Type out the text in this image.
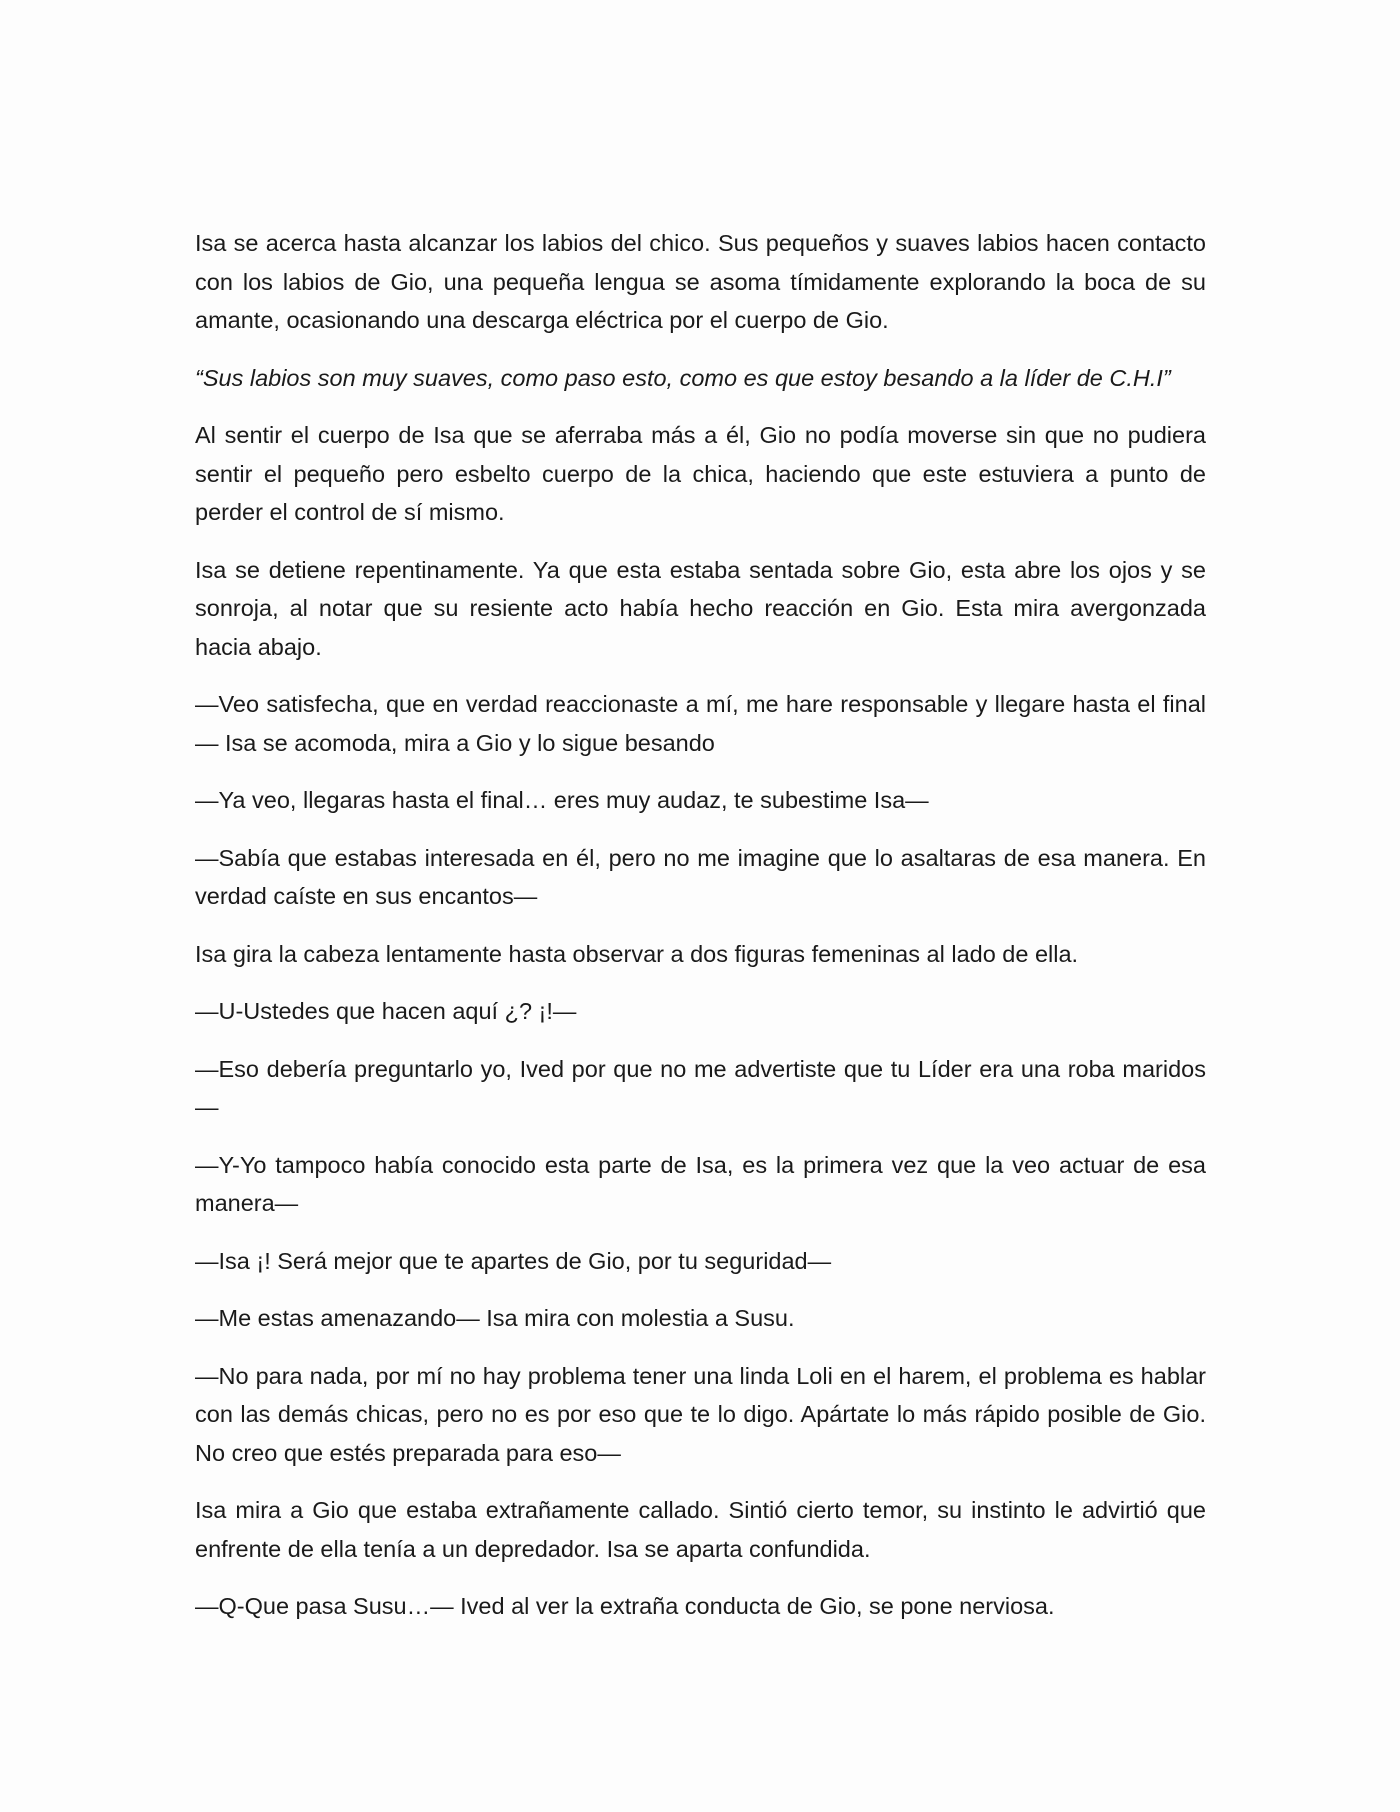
Isa se acerca hasta alcanzar los labios del chico. Sus pequeños y suaves labios hacen contacto con los labios de Gio, una pequeña lengua se asoma tímidamente explorando la boca de su amante, ocasionando una descarga eléctrica por el cuerpo de Gio.

“Sus labios son muy suaves, como paso esto, como es que estoy besando a la líder de C.H.I”

Al sentir el cuerpo de Isa que se aferraba más a él, Gio no podía moverse sin que no pudiera sentir el pequeño pero esbelto cuerpo de la chica, haciendo que este estuviera a punto de perder el control de sí mismo.

Isa se detiene repentinamente. Ya que esta estaba sentada sobre Gio, esta abre los ojos y se sonroja, al notar que su resiente acto había hecho reacción en Gio. Esta mira avergonzada hacia abajo.

—Veo satisfecha, que en verdad reaccionaste a mí, me hare responsable y llegare hasta el final— Isa se acomoda, mira a Gio y lo sigue besando

—Ya veo, llegaras hasta el final… eres muy audaz, te subestime Isa—

—Sabía que estabas interesada en él, pero no me imagine que lo asaltaras de esa manera. En verdad caíste en sus encantos—

Isa gira la cabeza lentamente hasta observar a dos figuras femeninas al lado de ella.

—U-Ustedes que hacen aquí ¿? ¡!—

—Eso debería preguntarlo yo, Ived por que no me advertiste que tu Líder era una roba maridos—

—Y-Yo tampoco había conocido esta parte de Isa, es la primera vez que la veo actuar de esa manera—

—Isa ¡! Será mejor que te apartes de Gio, por tu seguridad—

—Me estas amenazando— Isa mira con molestia a Susu.

—No para nada, por mí no hay problema tener una linda Loli en el harem, el problema es hablar con las demás chicas, pero no es por eso que te lo digo. Apártate lo más rápido posible de Gio. No creo que estés preparada para eso—

Isa mira a Gio que estaba extrañamente callado. Sintió cierto temor, su instinto le advirtió que enfrente de ella tenía a un depredador. Isa se aparta confundida.

—Q-Que pasa Susu…— Ived al ver la extraña conducta de Gio, se pone nerviosa.
